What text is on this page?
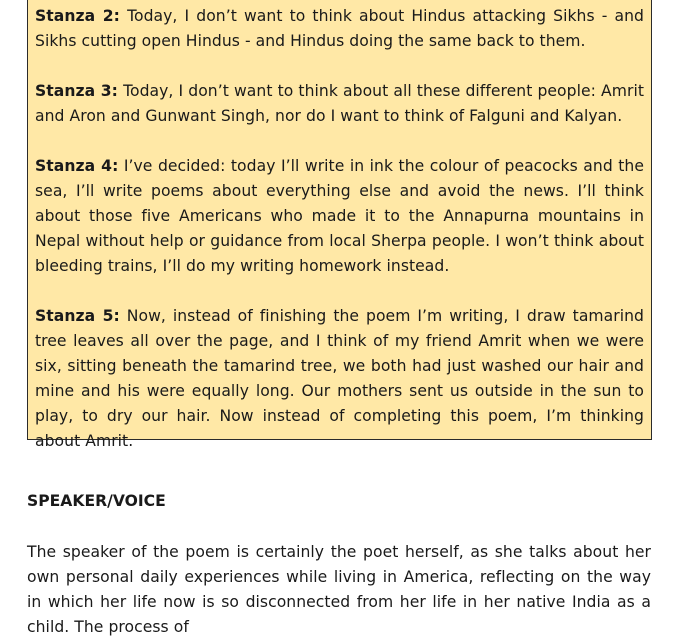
Stanza 2: Today, I don’t want to think about Hindus attacking Sikhs - and Sikhs cutting open Hindus - and Hindus doing the same back to them.

Stanza 3: Today, I don’t want to think about all these different people: Amrit and Aron and Gunwant Singh, nor do I want to think of Falguni and Kalyan.

Stanza 4: I’ve decided: today I’ll write in ink the colour of peacocks and the sea, I’ll write poems about everything else and avoid the news. I’ll think about those five Americans who made it to the Annapurna mountains in Nepal without help or guidance from local Sherpa people. I won’t think about bleeding trains, I’ll do my writing homework instead.

Stanza 5: Now, instead of finishing the poem I’m writing, I draw tamarind tree leaves all over the page, and I think of my friend Amrit when we were six, sitting beneath the tamarind tree, we both had just washed our hair and mine and his were equally long. Our mothers sent us outside in the sun to play, to dry our hair. Now instead of completing this poem, I’m thinking about Amrit.

SPEAKER/VOICE

The speaker of the poem is certainly the poet herself, as she talks about her own personal daily experiences while living in America, reflecting on the way in which her life now is so disconnected from her life in her native India as a child. The process of
